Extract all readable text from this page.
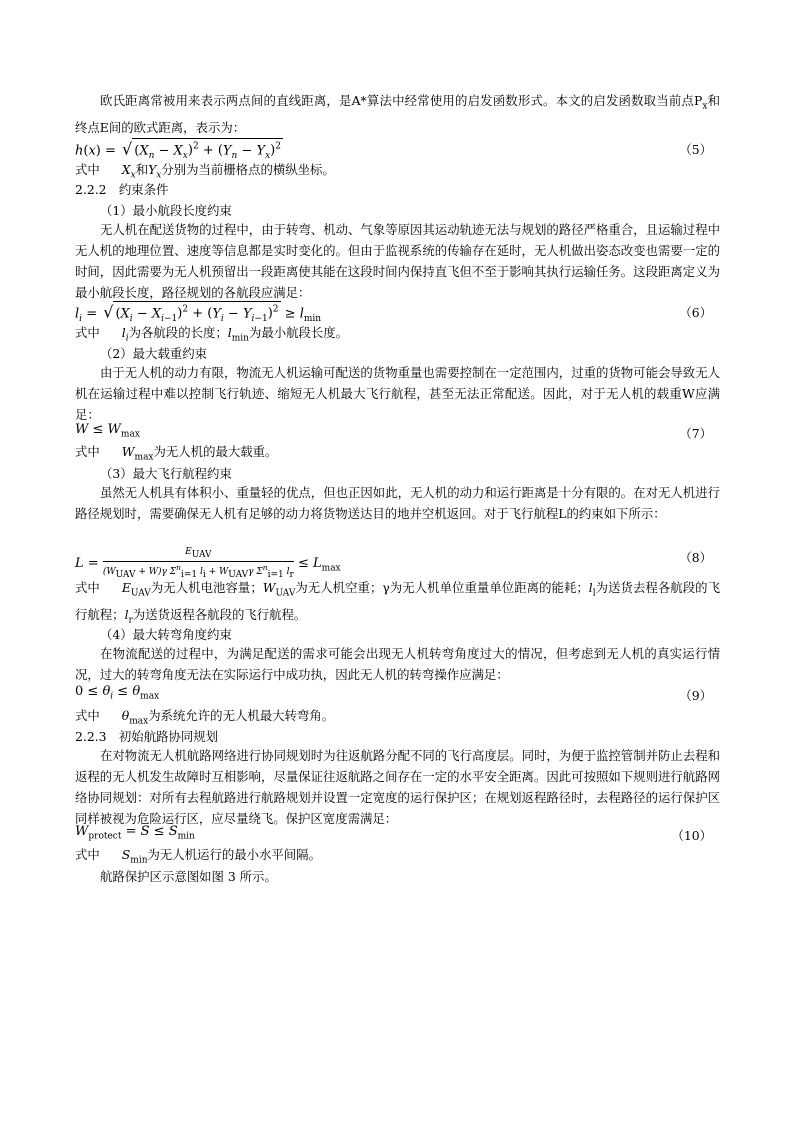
欧氏距离常被用来表示两点间的直线距离，是A*算法中经常使用的启发函数形式。本文的启发函数取当前点$P_x$和终点E间的欧式距离，表示为：

h(x) = √ $(X_n - X_x)^2 + (Y_n - Y_x)^2$	（5）
式中 $X_x$和$Y_x$分别为当前栅格点的横纵坐标。
2.2.2　约束条件
（1）最小航段长度约束

无人机在配送货物的过程中，由于转弯、机动、气象等原因其运动轨迹无法与规划的路径严格重合，且运输过程中无人机的地理位置、速度等信息都是实时变化的。但由于监视系统的传输存在延时，无人机做出姿态改变也需要一定的时间，因此需要为无人机预留出一段距离使其能在这段时间内保持直飞但不至于影响其执行运输任务。这段距离定义为最小航段长度，路径规划的各航段应满足：

$l_i$ = √ $(X_i - X_{i-1})^2 + (Y_i - Y_{i-1})^2 \ge l_{min}$	（6）
式中 $l_i$为各航段的长度；$l_{min}$为最小航段长度。
（2）最大载重约束

由于无人机的动力有限，物流无人机运输可配送的货物重量也需要控制在一定范围内，过重的货物可能会导致无人机在运输过程中难以控制飞行轨迹、缩短无人机最大飞行航程，甚至无法正常配送。因此，对于无人机的载重W应满足：

$W \le W_{max}$	（7）
式中 $W_{max}$为无人机的最大载重。
（3）最大飞行航程约束

虽然无人机具有体积小、重量轻的优点，但也正因如此，无人机的动力和运行距离是十分有限的。在对无人机进行路径规划时，需要确保无人机有足够的动力将货物送达目的地并空机返回。对于飞行航程L的约束如下所示：

$L = \frac{E_{UAV}}{(W_{UAV} + W)\gamma \Sigma^n_{i=1} l_i + W_{UAV}\gamma \Sigma^n_{i=1} l_r} \le L_{max}$
（8）

式中 $E_{UAV}$为无人机电池容量；$W_{UAV}$为无人机空重；γ为无人机单位重量单位距离的能耗；$l_l$为送货去程各航段的飞行航程；$l_r$为送货返程各航段的飞行航程。

（4）最大转弯角度约束

在物流配送的过程中，为满足配送的需求可能会出现无人机转弯角度过大的情况，但考虑到无人机的真实运行情况，过大的转弯角度无法在实际运行中成功执，因此无人机的转弯操作应满足：

$0 \le \theta_i \le \theta_{max}$	（9）
式中 $\theta_{max}$为系统允许的无人机最大转弯角。
2.2.3　初始航路协同规划

在对物流无人机航路网络进行协同规划时为往返航路分配不同的飞行高度层。同时，为便于监控管制并防止去程和返程的无人机发生故障时互相影响，尽量保证往返航路之间存在一定的水平安全距离。因此可按照如下规则进行航路网络协同规划：对所有去程航路进行航路规划并设置一定宽度的运行保护区；在规划返程路径时，去程路径的运行保护区同样被视为危险运行区，应尽量绕飞。保护区宽度需满足：

$W_{protect} = S \le S_{min}$	（10）
式中 $S_{min}$为无人机运行的最小水平间隔。

航路保护区示意图如图 3 所示。
